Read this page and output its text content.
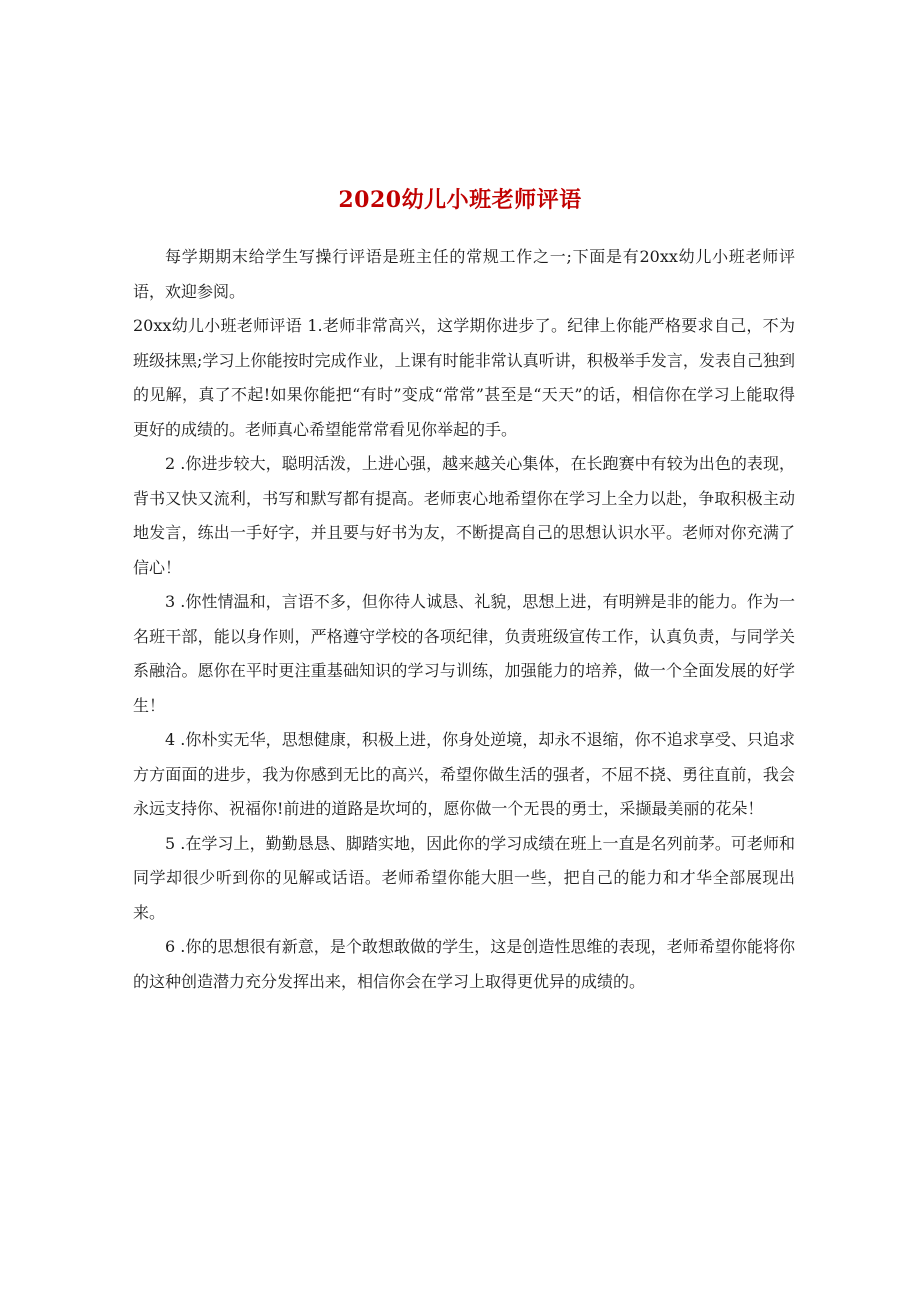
2020幼儿小班老师评语

每学期期末给学生写操行评语是班主任的常规工作之一;下面是有20xx幼儿小班老师评语，欢迎参阅。

20xx幼儿小班老师评语 1.老师非常高兴，这学期你进步了。纪律上你能严格要求自己，不为班级抹黑;学习上你能按时完成作业，上课有时能非常认真听讲，积极举手发言，发表自己独到的见解，真了不起!如果你能把“有时”变成“常常”甚至是“天天”的话，相信你在学习上能取得更好的成绩的。老师真心希望能常常看见你举起的手。

2 .你进步较大，聪明活泼，上进心强，越来越关心集体，在长跑赛中有较为出色的表现，背书又快又流利，书写和默写都有提高。老师衷心地希望你在学习上全力以赴，争取积极主动地发言，练出一手好字，并且要与好书为友，不断提高自己的思想认识水平。老师对你充满了信心！

3 .你性情温和，言语不多，但你待人诚恳、礼貌，思想上进，有明辨是非的能力。作为一名班干部，能以身作则，严格遵守学校的各项纪律，负责班级宣传工作，认真负责，与同学关系融洽。愿你在平时更注重基础知识的学习与训练，加强能力的培养，做一个全面发展的好学生！

4 .你朴实无华，思想健康，积极上进，你身处逆境，却永不退缩，你不追求享受、只追求方方面面的进步，我为你感到无比的高兴，希望你做生活的强者，不屈不挠、勇往直前，我会永远支持你、祝福你!前进的道路是坎坷的，愿你做一个无畏的勇士，采撷最美丽的花朵！

5 .在学习上，勤勤恳恳、脚踏实地，因此你的学习成绩在班上一直是名列前茅。可老师和同学却很少听到你的见解或话语。老师希望你能大胆一些，把自己的能力和才华全部展现出来。

6 .你的思想很有新意，是个敢想敢做的学生，这是创造性思维的表现，老师希望你能将你的这种创造潜力充分发挥出来，相信你会在学习上取得更优异的成绩的。
